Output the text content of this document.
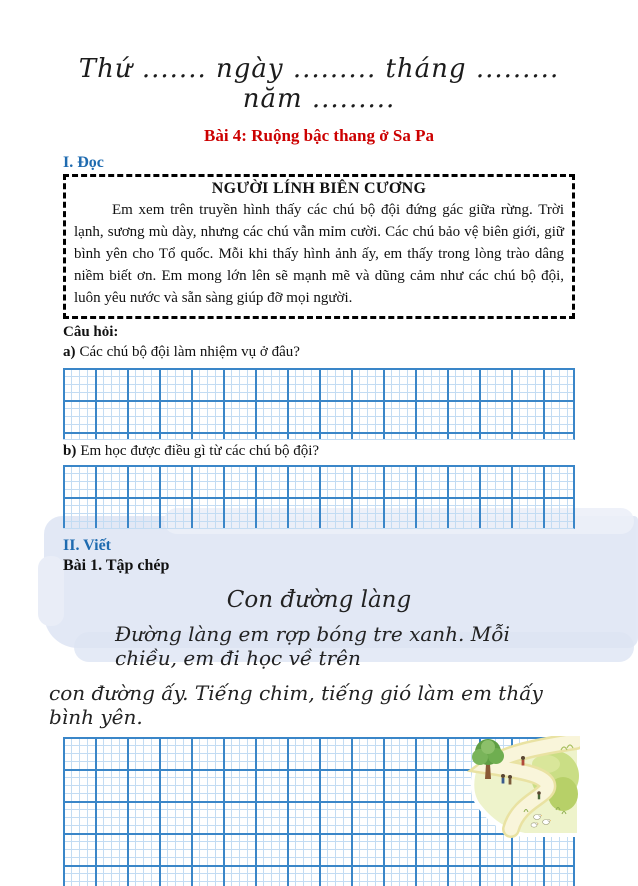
Thứ ....... ngày ......... tháng ......... năm .........
Bài 4: Ruộng bậc thang ở Sa Pa
I. Đọc
NGƯỜI LÍNH BIÊN CƯƠNG

Em xem trên truyền hình thấy các chú bộ đội đứng gác giữa rừng. Trời lạnh, sương mù dày, nhưng các chú vẫn mỉm cười. Các chú bảo vệ biên giới, giữ bình yên cho Tổ quốc. Mỗi khi thấy hình ảnh ấy, em thấy trong lòng trào dâng niềm biết ơn. Em mong lớn lên sẽ mạnh mẽ và dũng cảm như các chú bộ đội, luôn yêu nước và sẵn sàng giúp đỡ mọi người.

Câu hỏi:
a) Các chú bộ đội làm nhiệm vụ ở đâu?
b) Em học được điều gì từ các chú bộ đội?
II. Viết
Bài 1. Tập chép
Con đường làng
Đường làng em rợp bóng tre xanh. Mỗi chiều, em đi học về trên
con đường ấy. Tiếng chim, tiếng gió làm em thấy bình yên.
